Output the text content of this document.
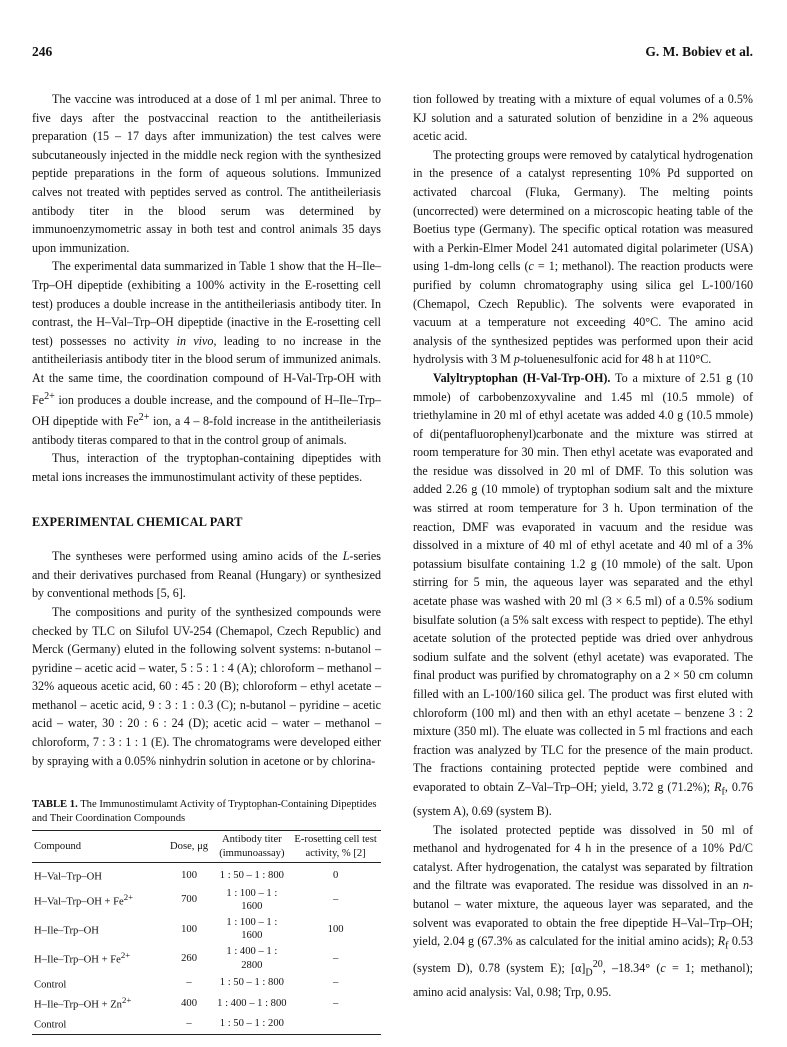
246	G. M. Bobiev et al.

The vaccine was introduced at a dose of 1 ml per animal. Three to five days after the postvaccinal reaction to the antitheileriasis preparation (15 – 17 days after immunization) the test calves were subcutaneously injected in the middle neck region with the synthesized peptide preparations in the form of aqueous solutions. Immunized calves not treated with peptides served as control. The antitheileriasis antibody titer in the blood serum was determined by immunoenzymometric assay in both test and control animals 35 days upon immunization.

The experimental data summarized in Table 1 show that the H–Ile–Trp–OH dipeptide (exhibiting a 100% activity in the E-rosetting cell test) produces a double increase in the antitheileriasis antibody titer. In contrast, the H–Val–Trp–OH dipeptide (inactive in the E-rosetting cell test) possesses no activity in vivo, leading to no increase in the antitheileriasis antibody titer in the blood serum of immunized animals. At the same time, the coordination compound of H-Val-Trp-OH with $Fe^{2+}$ ion produces a double increase, and the compound of H–Ile–Trp–OH dipeptide with $Fe^{2+}$ ion, a 4 – 8-fold increase in the antitheileriasis antibody titeras compared to that in the control group of animals.

Thus, interaction of the tryptophan-containing dipeptides with metal ions increases the immunostimulant activity of these peptides.

EXPERIMENTAL CHEMICAL PART

The syntheses were performed using amino acids of the L-series and their derivatives purchased from Reanal (Hungary) or synthesized by conventional methods [5, 6].

The compositions and purity of the synthesized compounds were checked by TLC on Silufol UV-254 (Chemapol, Czech Republic) and Merck (Germany) eluted in the following solvent systems: n-butanol – pyridine – acetic acid – water, 5 : 5 : 1 : 4 (A); chloroform – methanol – 32% aqueous acetic acid, 60 : 45 : 20 (B); chloroform – ethyl acetate – methanol – acetic acid, 9 : 3 : 1 : 0.3 (C); n-butanol – pyridine – acetic acid – water, 30 : 20 : 6 : 24 (D); acetic acid – water – methanol – chloroform, 7 : 3 : 1 : 1 (E). The chromatograms were developed either by spraying with a 0.05% ninhydrin solution in acetone or by chlorina-

TABLE 1. The Immunostimulamt Activity of Tryptophan-Containing Dipeptides and Their Coordination Compounds
Compound	Dose, μg	Antibody titer (immunoassay)	E-rosetting cell test activity, % [2]
H–Val–Trp–OH	100	1 : 50 – 1 : 800	0
$H-Val-Trp-OH + Fe^{2+}$	700	1 : 100 – 1 : 1600	–
H–Ile–Trp–OH	100	1 : 100 – 1 : 1600	100
$H-Ile-Trp-OH + Fe^{2+}$	260	1 : 400 – 1 : 2800	–
Control	–	1 : 50 – 1 : 800	–
$H-Ile-Trp-OH + Zn^{2+}$	400	1 : 400 – 1 : 800	–
Control	–	1 : 50 – 1 : 200	

tion followed by treating with a mixture of equal volumes of a 0.5% KJ solution and a saturated solution of benzidine in a 2% aqueous acetic acid.

The protecting groups were removed by catalytical hydrogenation in the presence of a catalyst representing 10% Pd supported on activated charcoal (Fluka, Germany). The melting points (uncorrected) were determined on a microscopic heating table of the Boetius type (Germany). The specific optical rotation was measured with a Perkin-Elmer Model 241 automated digital polarimeter (USA) using 1-dm-long cells (c = 1; methanol). The reaction products were purified by column chromatography using silica gel L-100/160 (Chemapol, Czech Republic). The solvents were evaporated in vacuum at a temperature not exceeding 40°C. The amino acid analysis of the synthesized peptides was performed upon their acid hydrolysis with 3 M p-toluenesulfonic acid for 48 h at 110°C.

Valyltryptophan (H-Val-Trp-OH). To a mixture of 2.51 g (10 mmole) of carbobenzoxyvaline and 1.45 ml (10.5 mmole) of triethylamine in 20 ml of ethyl acetate was added 4.0 g (10.5 mmole) of di(pentafluorophenyl)carbonate and the mixture was stirred at room temperature for 30 min. Then ethyl acetate was evaporated and the residue was dissolved in 20 ml of DMF. To this solution was added 2.26 g (10 mmole) of tryptophan sodium salt and the mixture was stirred at room temperature for 3 h. Upon termination of the reaction, DMF was evaporated in vacuum and the residue was dissolved in a mixture of 40 ml of ethyl acetate and 40 ml of a 3% potassium bisulfate containing 1.2 g (10 mmole) of the salt. Upon stirring for 5 min, the aqueous layer was separated and the ethyl acetate phase was washed with 20 ml (3 × 6.5 ml) of a 0.5% sodium bisulfate solution (a 5% salt excess with respect to peptide). The ethyl acetate solution of the protected peptide was dried over anhydrous sodium sulfate and the solvent (ethyl acetate) was evaporated. The final product was purified by chromatography on a 2 × 50 cm column filled with an L-100/160 silica gel. The product was first eluted with chloroform (100 ml) and then with an ethyl acetate – benzene 3 : 2 mixture (350 ml). The eluate was collected in 5 ml fractions and each fraction was analyzed by TLC for the presence of the main product. The fractions containing protected peptide were combined and evaporated to obtain Z–Val–Trp–OH; yield, 3.72 g (71.2%); $R_f$, 0.76 (system A), 0.69 (system B).

The isolated protected peptide was dissolved in 50 ml of methanol and hydrogenated for 4 h in the presence of a 10% Pd/C catalyst. After hydrogenation, the catalyst was separated by filtration and the filtrate was evaporated. The residue was dissolved in an n-butanol – water mixture, the aqueous layer was separated, and the solvent was evaporated to obtain the free dipeptide H–Val–Trp–OH; yield, 2.04 g (67.3% as calculated for the initial amino acids); $R_f$ 0.53 (system D), 0.78 (system E); $[\alpha]_D^{20}$, –18.34° (c = 1; methanol); amino acid analysis: Val, 0.98; Trp, 0.95.
